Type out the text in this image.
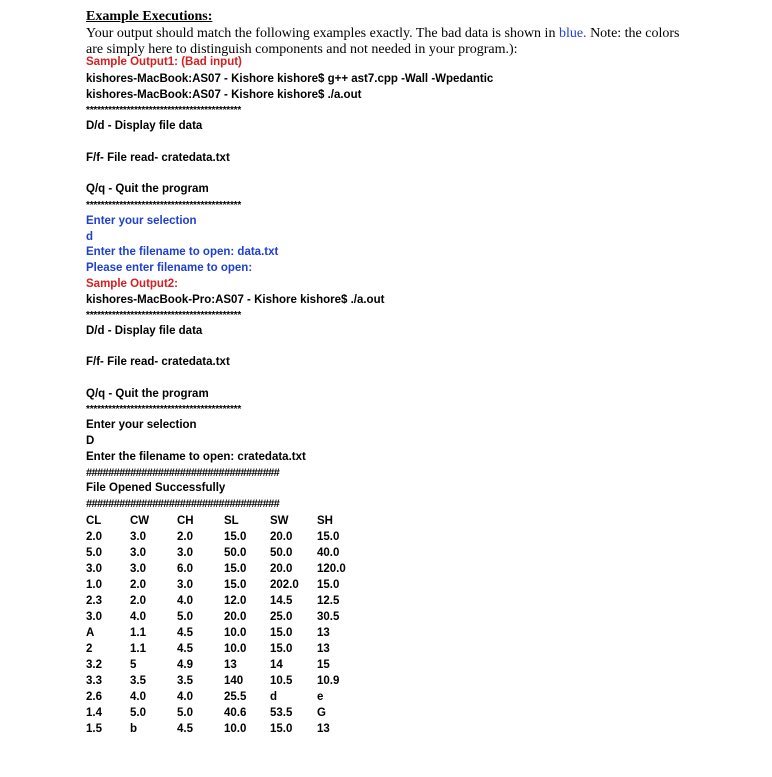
Example Executions:
Your output should match the following examples exactly. The bad data is shown in blue. Note: the colors are simply here to distinguish components and not needed in your program.):
Sample Output1: (Bad input)
kishores-MacBook:AS07 - Kishore kishore$ g++ ast7.cpp -Wall -Wpedantic
kishores-MacBook:AS07 - Kishore kishore$ ./a.out
******************************************
D/d - Display file data
F/f- File read- cratedata.txt
Q/q - Quit the program
******************************************
Enter your selection
d
Enter the filename to open: data.txt
Please enter filename to open:
Sample Output2:
kishores-MacBook-Pro:AS07 - Kishore kishore$ ./a.out
******************************************
D/d - Display file data
F/f- File read- cratedata.txt
Q/q - Quit the program
******************************************
Enter your selection
D
Enter the filename to open: cratedata.txt
###################################
File Opened Successfully
###################################
CL CW CH	SL	SW SH
2.0 3.0	2.0	15.0 20.0 15.0
5.0 3.0	3.0	50.0 50.0 40.0
3.0 3.0	6.0	15.0 20.0 120.0
1.0 2.0	3.0	15.0 202.0 15.0
2.3 2.0	4.0	12.0 14.5 12.5
3.0 4.0	5.0	20.0 25.0 30.5
A	1.1	4.5	10.0 15.0 13
2	1.1	4.5	10.0 15.0 13
3.2 5	4.9	13	14	15
3.3 3.5	3.5	140 10.5 10.9
2.6 4.0	4.0	25.5 d	e
1.4 5.0	5.0	40.6 53.5 G
1.5 b	4.5	10.0 15.0 13
